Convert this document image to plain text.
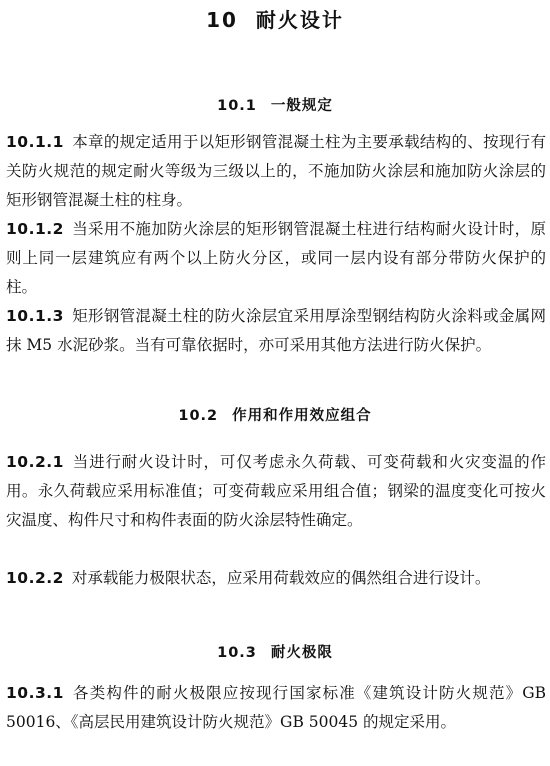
10 耐火设计
10.1 一般规定
10.1.1 本章的规定适用于以矩形钢管混凝土柱为主要承载结构的、按现行有关防火规范的规定耐火等级为三级以上的，不施加防火涂层和施加防火涂层的矩形钢管混凝土柱的柱身。
10.1.2 当采用不施加防火涂层的矩形钢管混凝土柱进行结构耐火设计时，原则上同一层建筑应有两个以上防火分区，或同一层内设有部分带防火保护的柱。
10.1.3 矩形钢管混凝土柱的防火涂层宜采用厚涂型钢结构防火涂料或金属网抹 M5 水泥砂浆。当有可靠依据时，亦可采用其他方法进行防火保护。
10.2 作用和作用效应组合
10.2.1 当进行耐火设计时，可仅考虑永久荷载、可变荷载和火灾变温的作用。永久荷载应采用标准值；可变荷载应采用组合值；钢梁的温度变化可按火灾温度、构件尺寸和构件表面的防火涂层特性确定。
10.2.2 对承载能力极限状态，应采用荷载效应的偶然组合进行设计。
10.3 耐火极限
10.3.1 各类构件的耐火极限应按现行国家标准《建筑设计防火规范》GB 50016、《高层民用建筑设计防火规范》GB 50045 的规定采用。
